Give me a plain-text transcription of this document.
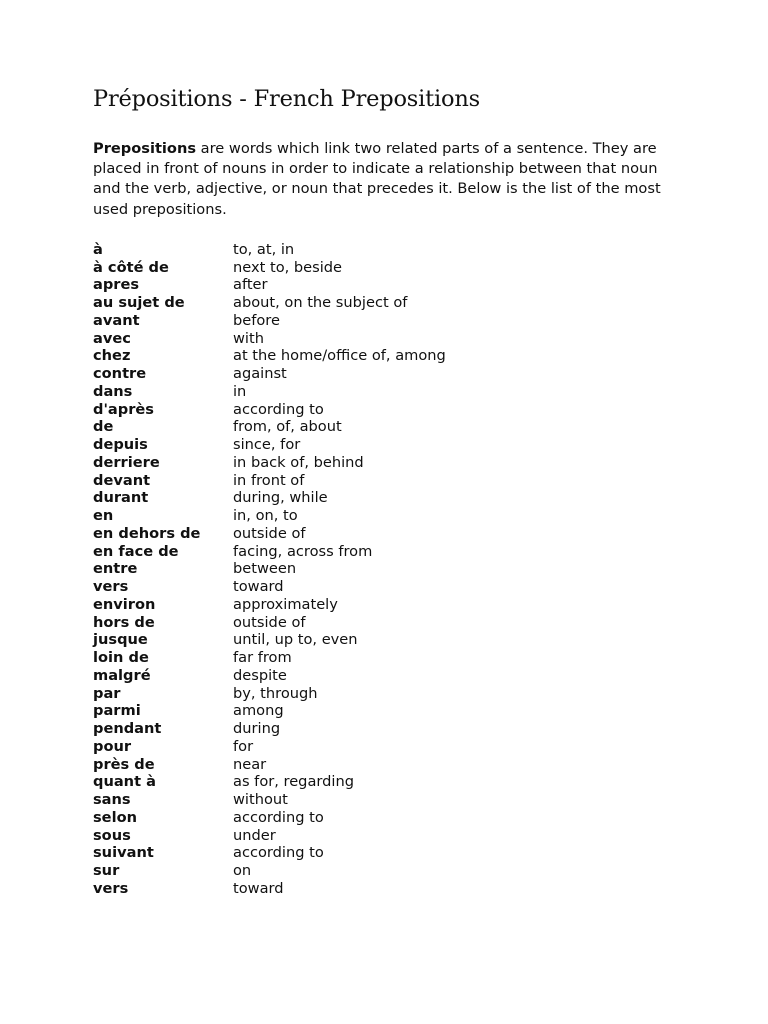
Prépositions - French Prepositions

Prepositions are words which link two related parts of a sentence. They are placed in front of nouns in order to indicate a relationship between that noun and the verb, adjective, or noun that precedes it. Below is the list of the most used prepositions.

à	to, at, in
à côté de	next to, beside
apres	after
au sujet de	about, on the subject of
avant	before
avec	with
chez	at the home/office of, among
contre	against
dans	in
d'après	according to
de	from, of, about
depuis	since, for
derriere	in back of, behind
devant	in front of
durant	during, while
en	in, on, to
en dehors de	outside of
en face de	facing, across from
entre	between
vers	toward
environ	approximately
hors de	outside of
jusque	until, up to, even
loin de	far from
malgré	despite
par	by, through
parmi	among
pendant	during
pour	for
près de	near
quant à	as for, regarding
sans	without
selon	according to
sous	under
suivant	according to
sur	on
vers	toward
